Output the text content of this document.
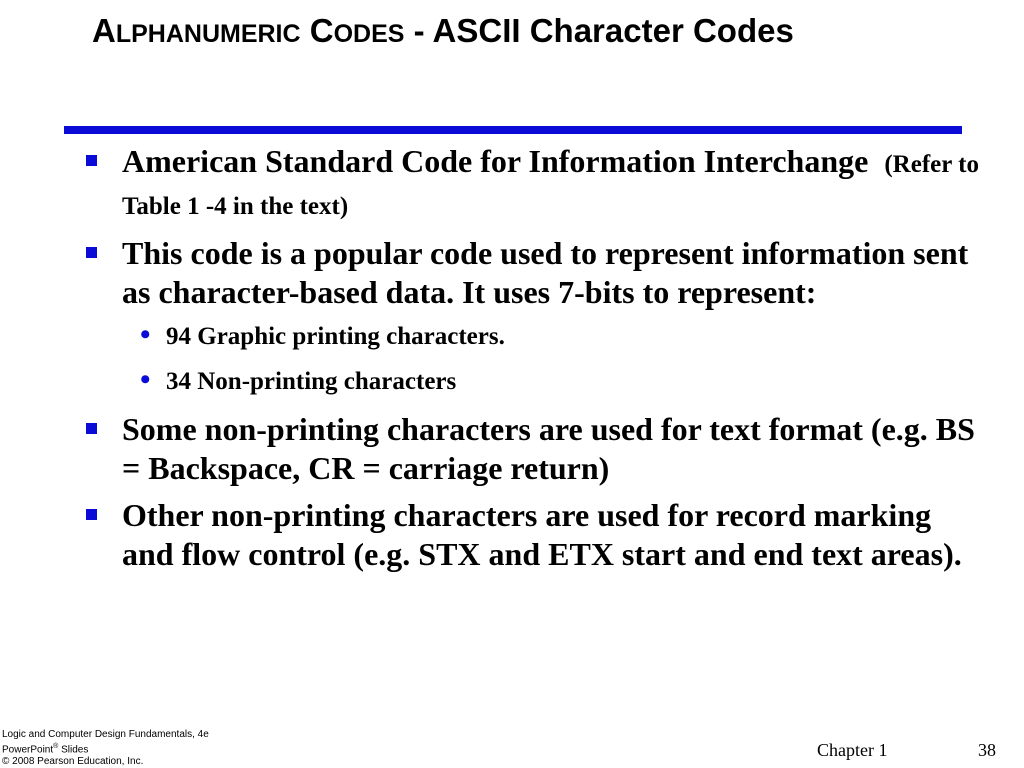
ALPHANUMERIC CODES - ASCII Character Codes
American Standard Code for Information Interchange (Refer to Table 1 -4 in the text)
This code is a popular code used to represent information sent as character-based data. It uses 7-bits to represent:
• 94 Graphic printing characters.
• 34 Non-printing characters
Some non-printing characters are used for text format (e.g. BS = Backspace, CR = carriage return)
Other non-printing characters are used for record marking and flow control (e.g. STX and ETX start and end text areas).
Logic and Computer Design Fundamentals, 4e
PowerPoint® Slides
© 2008 Pearson Education, Inc.
Chapter 1	38
